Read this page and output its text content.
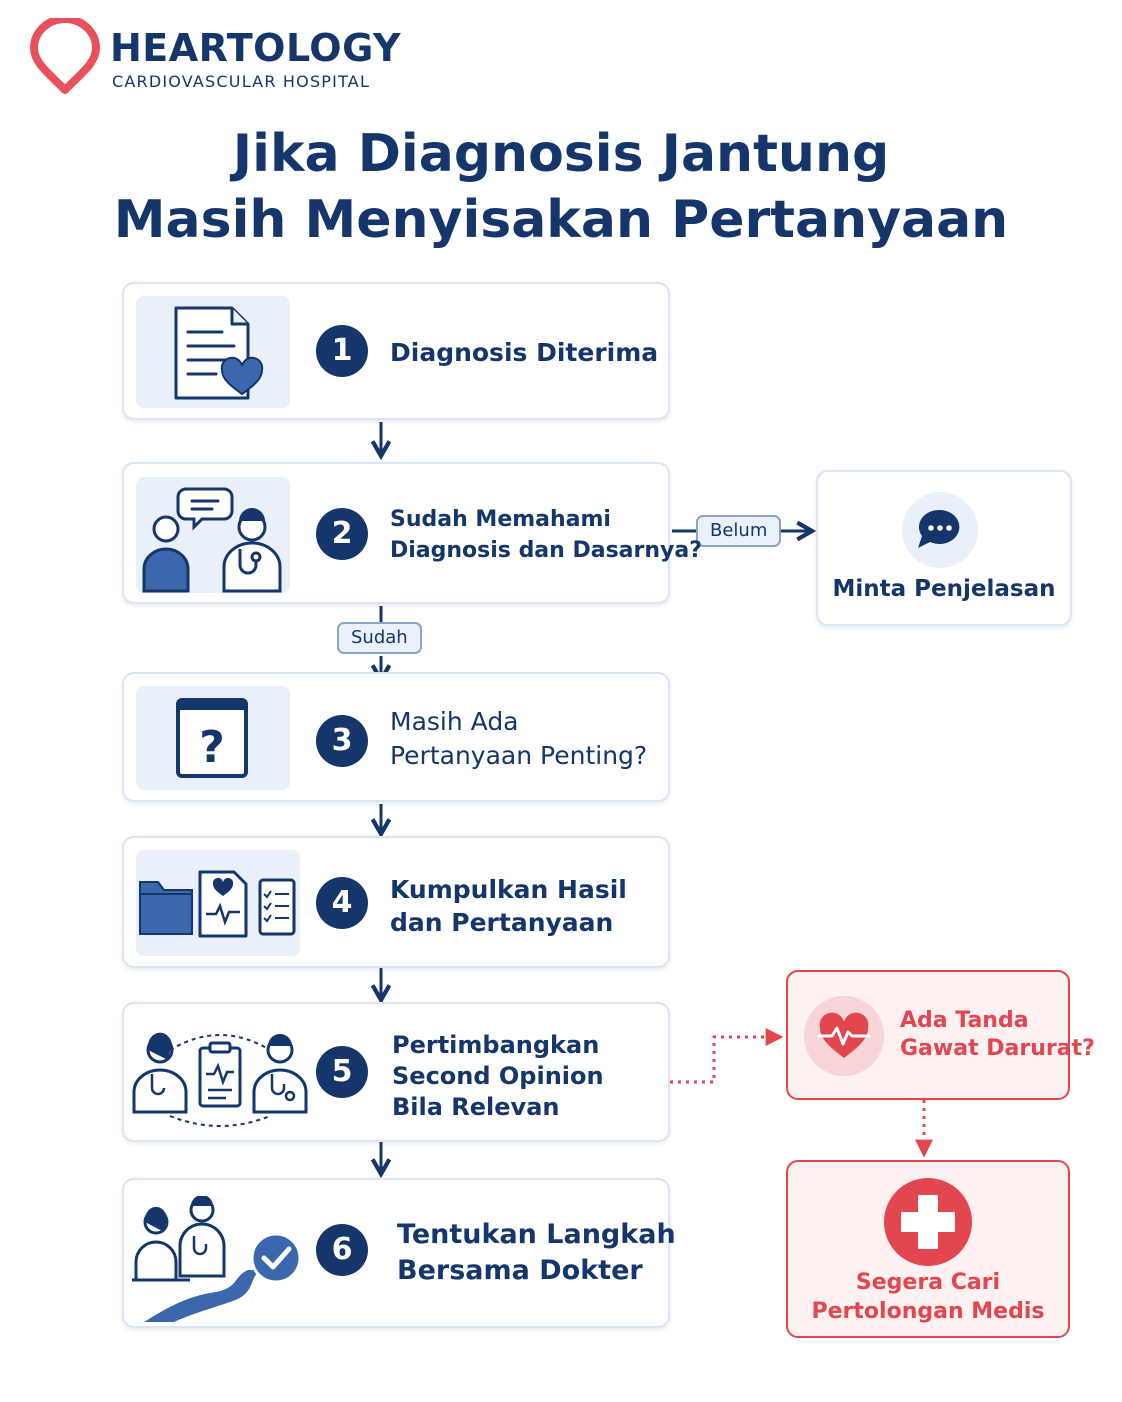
HEARTOLOGY
CARDIOVASCULAR HOSPITAL
Jika Diagnosis Jantung
Masih Menyisakan Pertanyaan
Belum
Sudah
1	Diagnosis Diterima
2	Sudah Memahami
Diagnosis dan Dasarnya?
?	3
Masih Ada
Pertanyaan Penting?
4	Kumpulkan Hasil
dan Pertanyaan
5
Pertimbangkan
Second Opinion
Bila Relevan
6	Tentukan Langkah
Bersama Dokter
Minta Penjelasan
Ada Tanda
Gawat Darurat?
Segera Cari
Pertolongan Medis
